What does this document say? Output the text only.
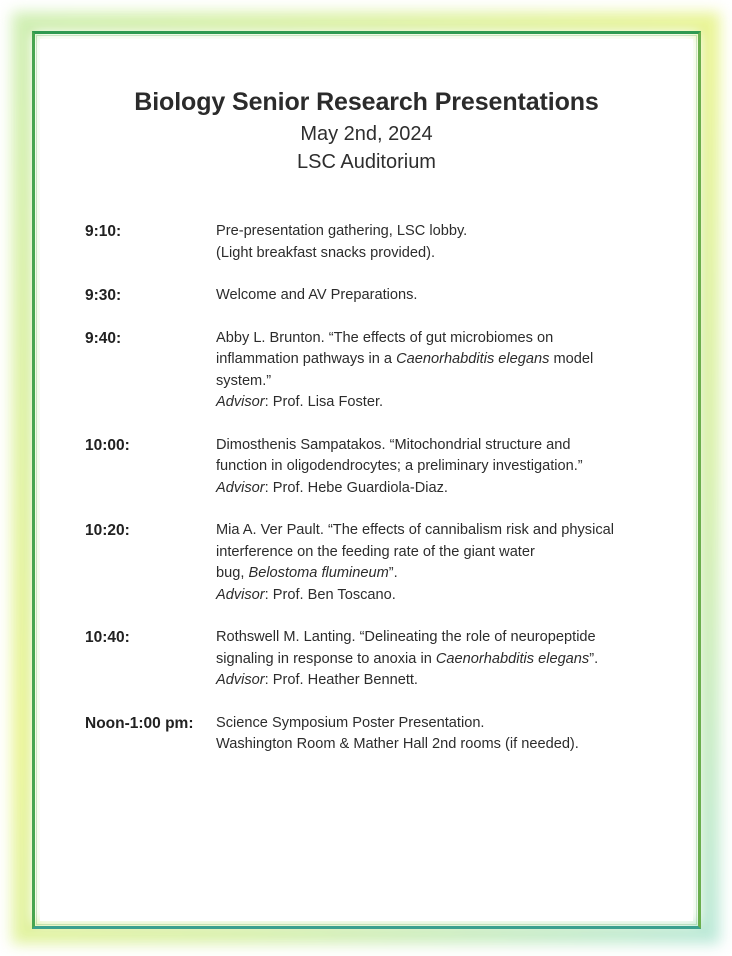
Biology Senior Research Presentations

May 2nd, 2024

LSC Auditorium

9:10:	Pre-presentation gathering, LSC lobby.
(Light breakfast snacks provided).
9:30:	Welcome and AV Preparations.
9:40:	Abby L. Brunton. “The effects of gut microbiomes on
inflammation pathways in a Caenorhabditis elegans model
system.”
Advisor: Prof. Lisa Foster.
10:00:	Dimosthenis Sampatakos. “Mitochondrial structure and
function in oligodendrocytes; a preliminary investigation.”
Advisor: Prof. Hebe Guardiola-Diaz.
10:20:	Mia A. Ver Pault. “The effects of cannibalism risk and physical
interference on the feeding rate of the giant water
bug, Belostoma flumineum”.
Advisor: Prof. Ben Toscano.
10:40:	Rothswell M. Lanting. “Delineating the role of neuropeptide
signaling in response to anoxia in Caenorhabditis elegans”.
Advisor: Prof. Heather Bennett.
Noon-1:00 pm:	Science Symposium Poster Presentation.
Washington Room & Mather Hall 2nd rooms (if needed).
